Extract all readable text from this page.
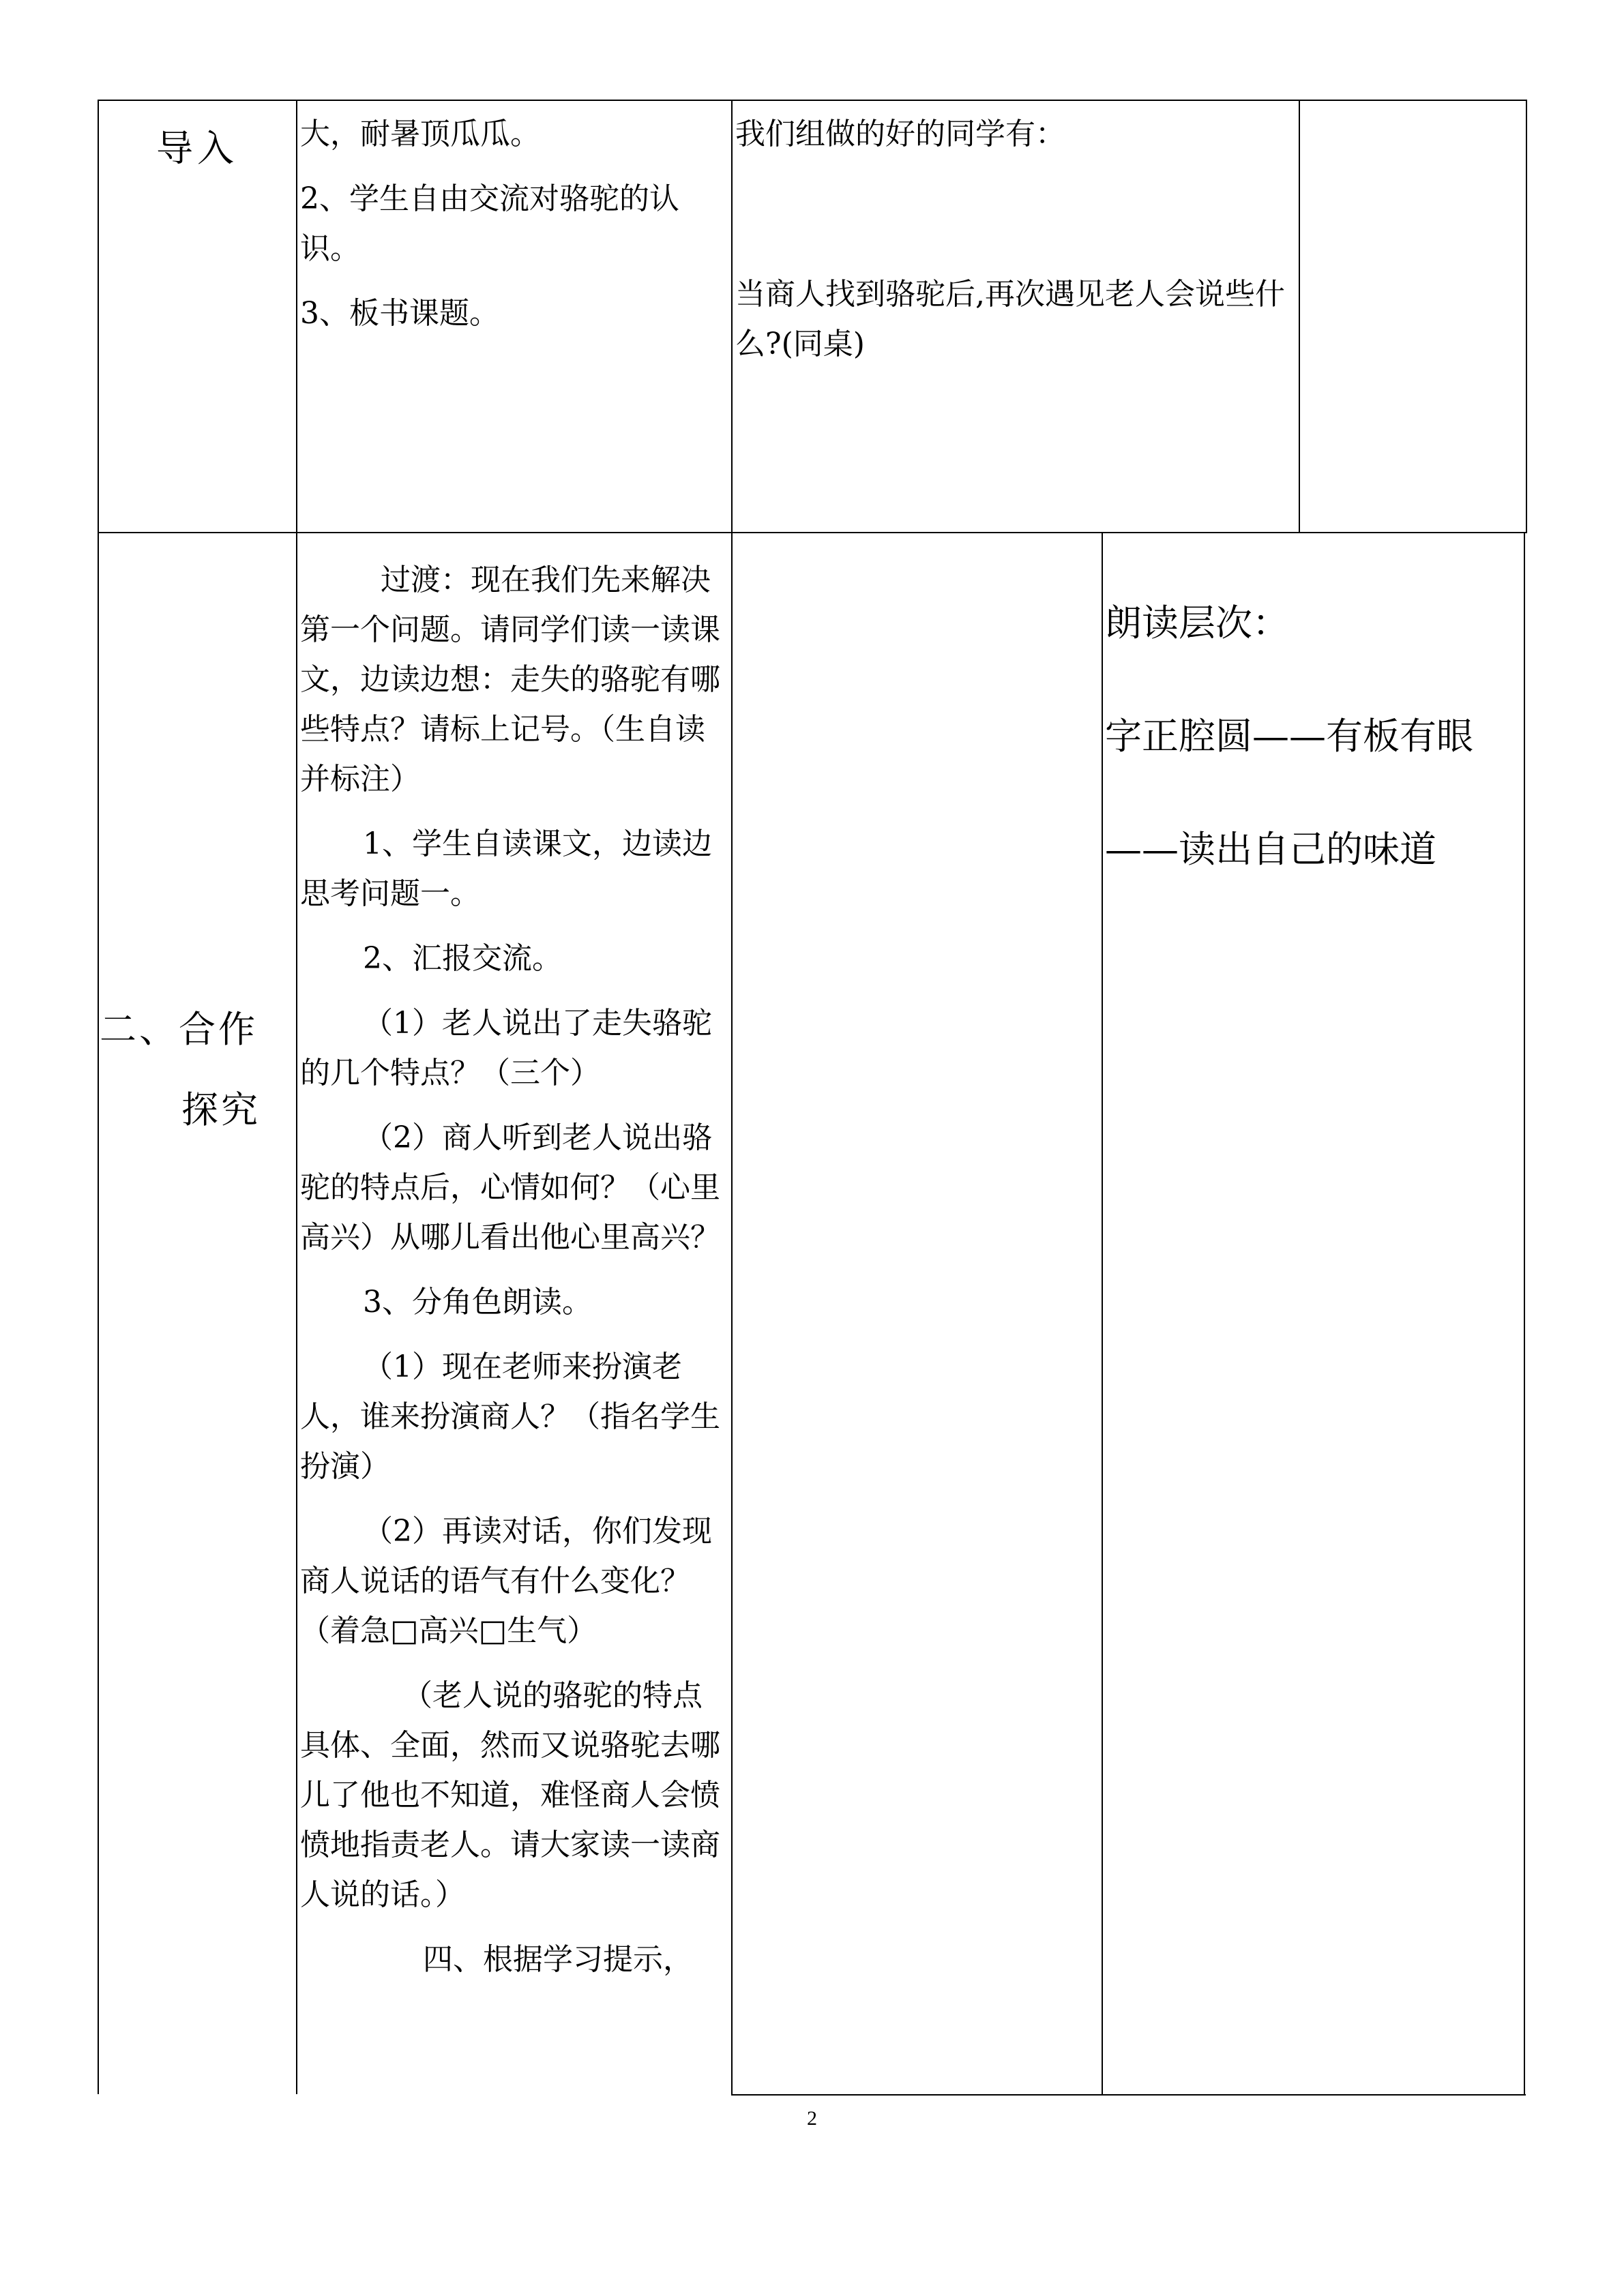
导入	大，耐暑顶瓜瓜。

2、学生自由交流对骆驼的认识。

3、板书课题。

我们组做的好的同学有：

当商人找到骆驼后,再次遇见老人会说些什么?(同桌)

二、合作

探究

过渡：现在我们先来解决第一个问题。请同学们读一读课文，边读边想：走失的骆驼有哪些特点？请标上记号。（生自读并标注）

1、学生自读课文，边读边思考问题一。

2、汇报交流。

（1）老人说出了走失骆驼的几个特点？（三个）

（2）商人听到老人说出骆驼的特点后，心情如何？（心里高兴）从哪儿看出他心里高兴？

3、分角色朗读。

（1）现在老师来扮演老人，谁来扮演商人？（指名学生扮演）

（2）再读对话，你们发现商人说话的语气有什么变化？（着急□高兴□生气）

（老人说的骆驼的特点具体、全面，然而又说骆驼去哪儿了他也不知道，难怪商人会愤愤地指责老人。请大家读一读商人说的话。）

四、根据学习提示，

朗读层次：

字正腔圆——有板有眼

——读出自己的味道

2
